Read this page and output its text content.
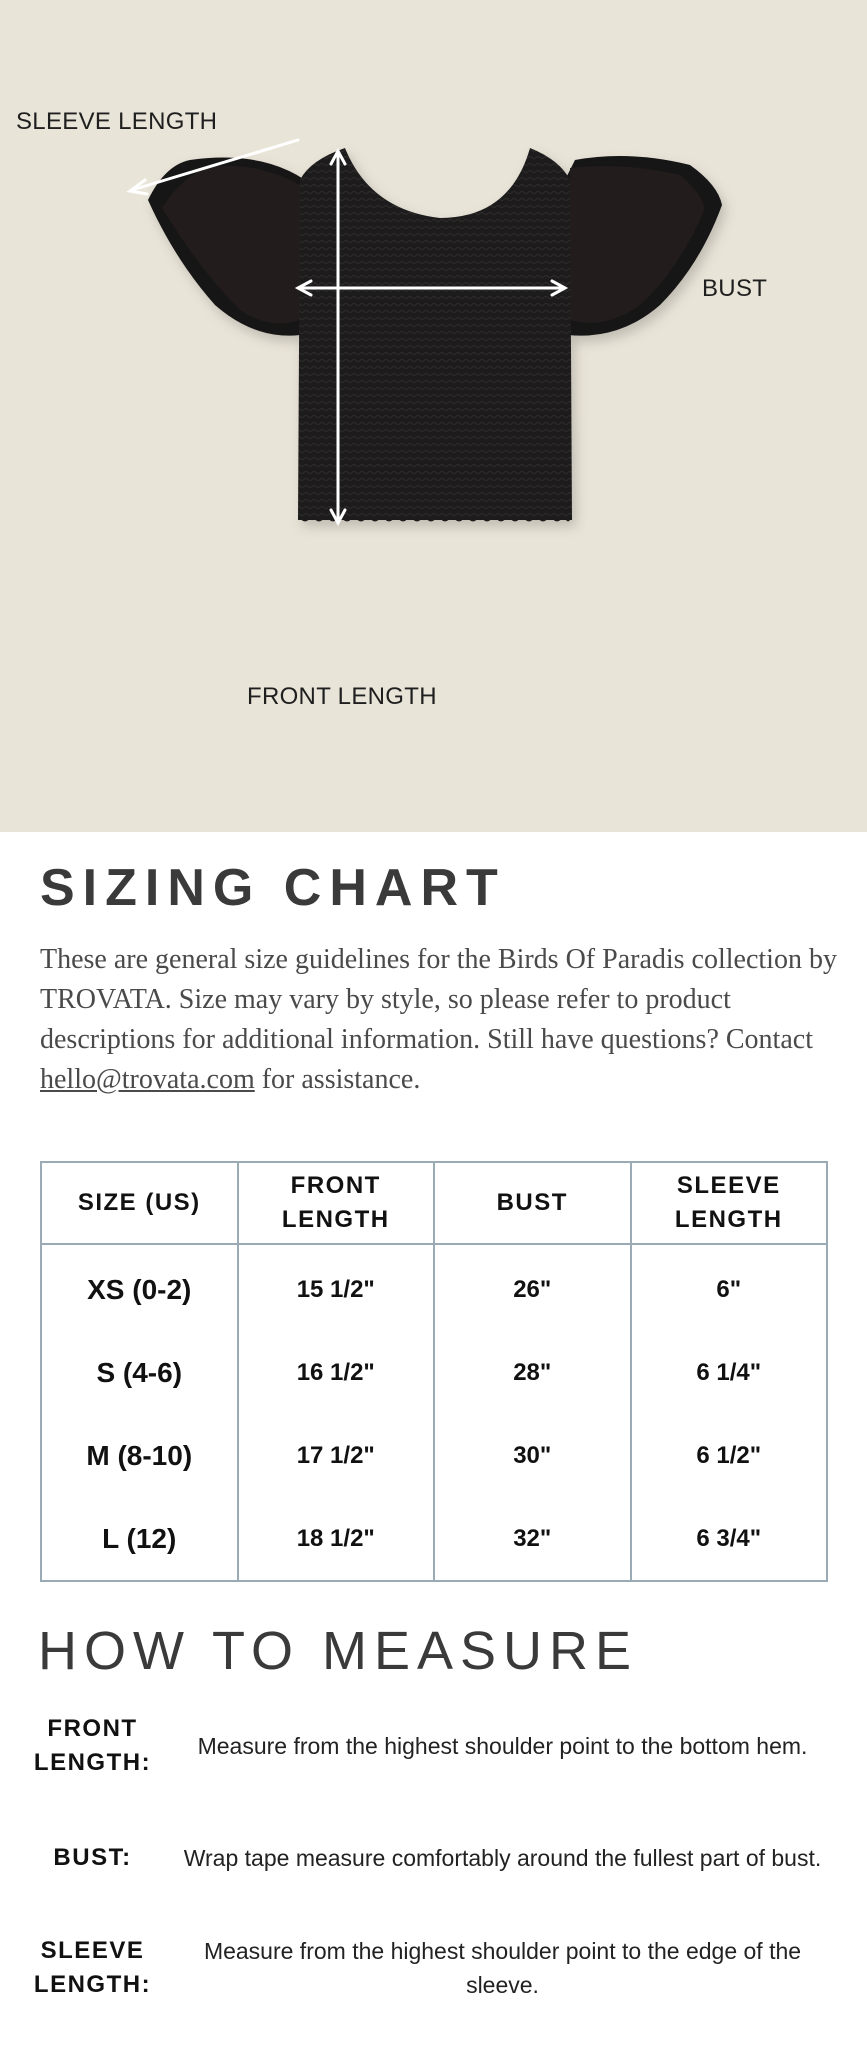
SLEEVE LENGTH
BUST
FRONT LENGTH
SIZING CHART

These are general size guidelines for the Birds Of Paradis collection by TROVATA. Size may vary by style, so please refer to product descriptions for additional information. Still have questions? Contact hello@trovata.com for assistance.

SIZE (US)	FRONT LENGTH	BUST	SLEEVE LENGTH
XS (0-2)	15 1/2"	26"	6"
S (4-6)	16 1/2"	28"	6 1/4"
M (8-10)	17 1/2"	30"	6 1/2"
L (12)	18 1/2"	32"	6 3/4"
HOW TO MEASURE
FRONT LENGTH:
Measure from the highest shoulder point to the bottom hem.
BUST:	Wrap tape measure comfortably around the fullest part of bust.
SLEEVE LENGTH:
Measure from the highest shoulder point to the edge of the sleeve.
